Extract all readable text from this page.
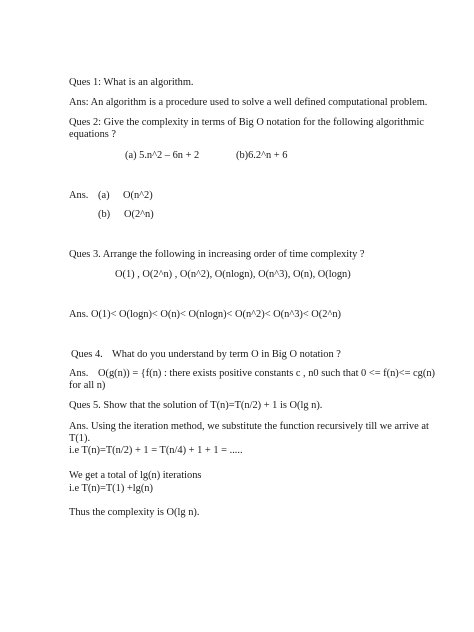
Ques 1: What is an algorithm.
Ans: An algorithm is a procedure used to solve a well defined computational problem.
Ques 2: Give the complexity in terms of Big O notation for the following algorithmic
equations ?
(a) 5.n^2 – 6n + 2	(b)6.2^n + 6
Ans. (a) O(n^2)
(b) O(2^n)
Ques 3. Arrange the following in increasing order of time complexity ?
O(1) , O(2^n) , O(n^2), O(nlogn), O(n^3), O(n), O(logn)
Ans. O(1)< O(logn)< O(n)< O(nlogn)< O(n^2)< O(n^3)< O(2^n)
Ques 4. What do you understand by term O in Big O notation ?
Ans. O(g(n)) = {f(n) : there exists positive constants c , n0 such that 0 <= f(n)<= cg(n)
for all n)
Ques 5. Show that the solution of T(n)=T(n/2) + 1 is O(lg n).
Ans. Using the iteration method, we substitute the function recursively till we arrive at
T(1).
i.e T(n)=T(n/2) + 1 = T(n/4) + 1 + 1 = .....
We get a total of lg(n) iterations
i.e T(n)=T(1) +lg(n)
Thus the complexity is O(lg n).
